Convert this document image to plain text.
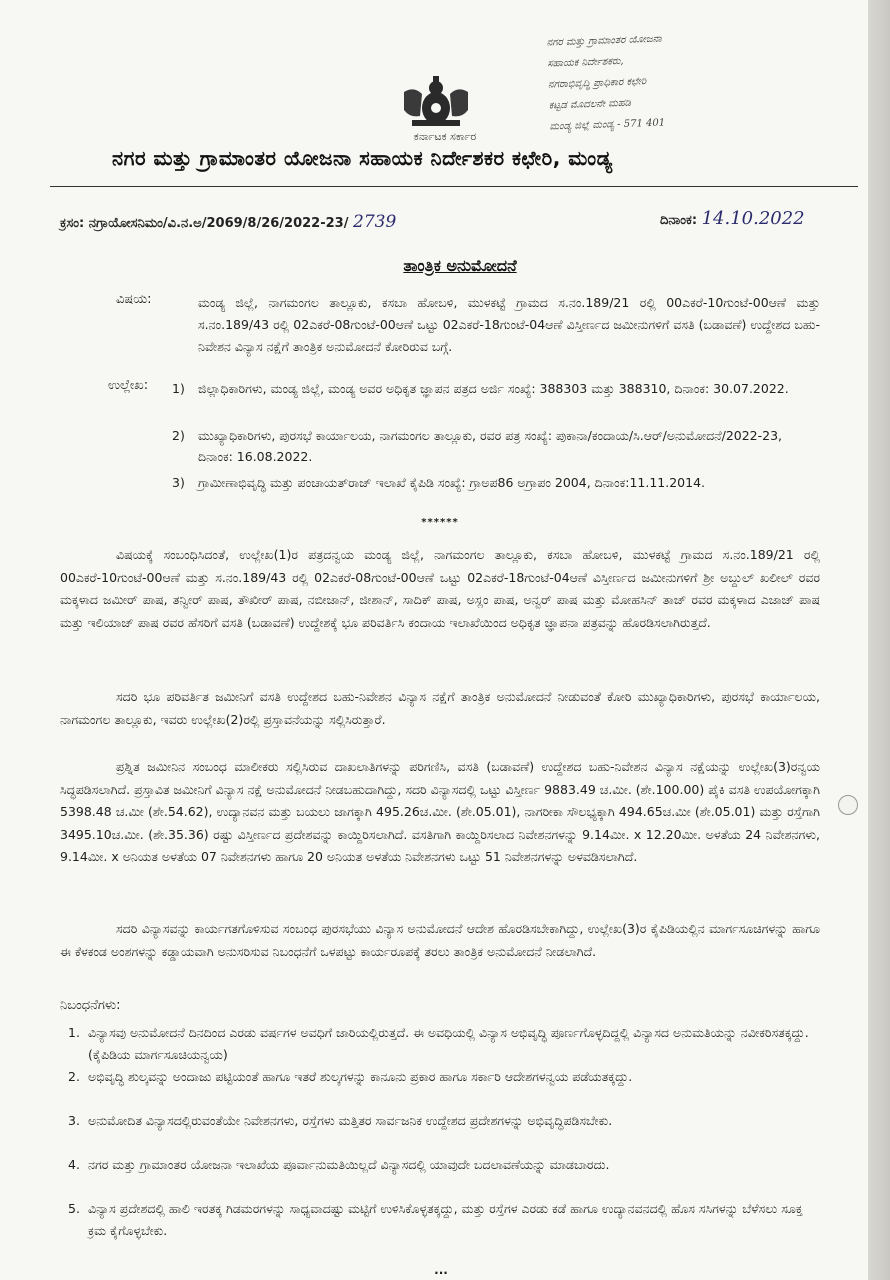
ಕರ್ನಾಟಕ ಸರ್ಕಾರ
ನಗರ ಮತ್ತು ಗ್ರಾಮಾಂತರ ಯೋಜನಾ
ಸಹಾಯಕ ನಿರ್ದೇಶಕರು,
ನಗರಾಭಿವೃದ್ಧಿ ಪ್ರಾಧಿಕಾರ ಕಛೇರಿ
ಕಟ್ಟಡ ಮೊದಲನೇ ಮಹಡಿ
ಮಂಡ್ಯ ಜಿಲ್ಲೆ ಮಂಡ್ಯ - 571 401
ನಗರ ಮತ್ತು ಗ್ರಾಮಾಂತರ ಯೋಜನಾ ಸಹಾಯಕ ನಿರ್ದೇಶಕರ ಕಛೇರಿ, ಮಂಡ್ಯ
ಕ್ರಸಂ: ನಗ್ರಾಯೋಸನಿಮಂ/ವಿ.ನ.ಅ/2069/8/26/2022-23/ 2739	ದಿನಾಂಕ: 14.10.2022
ತಾಂತ್ರಿಕ ಅನುಮೋದನೆ
ವಿಷಯ:	ಮಂಡ್ಯ ಜಿಲ್ಲೆ, ನಾಗಮಂಗಲ ತಾಲ್ಲೂಕು, ಕಸಬಾ ಹೋಬಳಿ, ಮುಳಕಟ್ಟೆ ಗ್ರಾಮದ ಸ.ನಂ.189/21 ರಲ್ಲಿ 00ಎಕರೆ-10ಗುಂಟೆ-00ಆಣೆ ಮತ್ತು ಸ.ನಂ.189/43 ರಲ್ಲಿ 02ಎಕರೆ-08ಗುಂಟೆ-00ಆಣೆ ಒಟ್ಟು 02ಎಕರೆ-18ಗುಂಟೆ-04ಆಣೆ ವಿಸ್ತೀರ್ಣದ ಜಮೀನುಗಳಿಗೆ ವಸತಿ (ಬಡಾವಣೆ) ಉದ್ದೇಶದ ಬಹು-ನಿವೇಶನ ವಿನ್ಯಾಸ ನಕ್ಷೆಗೆ ತಾಂತ್ರಿಕ ಅನುಮೋದನೆ ಕೋರಿರುವ ಬಗ್ಗೆ.
ಉಲ್ಲೇಖ:	1)	ಜಿಲ್ಲಾಧಿಕಾರಿಗಳು, ಮಂಡ್ಯ ಜಿಲ್ಲೆ, ಮಂಡ್ಯ ಅವರ ಅಧಿಕೃತ ಜ್ಞಾಪನ ಪತ್ರದ ಅರ್ಜಿ ಸಂಖ್ಯೆ: 388303 ಮತ್ತು 388310, ದಿನಾಂಕ: 30.07.2022.
2)	ಮುಖ್ಯಾಧಿಕಾರಿಗಳು, ಪುರಸಭೆ ಕಾರ್ಯಾಲಯ, ನಾಗಮಂಗಲ ತಾಲ್ಲೂಕು, ರವರ ಪತ್ರ ಸಂಖ್ಯೆ: ಪುಕಾನಾ/ಕಂದಾಯ/ಸಿ.ಆರ್/ಅನುಮೋದನೆ/2022-23, ದಿನಾಂಕ: 16.08.2022.
3)	ಗ್ರಾಮೀಣಾಭಿವೃದ್ಧಿ ಮತ್ತು ಪಂಚಾಯತ್‌ರಾಜ್ ಇಲಾಖೆ ಕೈಪಿಡಿ ಸಂಖ್ಯೆ: ಗ್ರಾಅಪ86 ಅಗ್ರಾಪಂ 2004, ದಿನಾಂಕ:11.11.2014.
******
ವಿಷಯಕ್ಕೆ ಸಂಬಂಧಿಸಿದಂತೆ, ಉಲ್ಲೇಖ(1)ರ ಪತ್ರದನ್ವಯ ಮಂಡ್ಯ ಜಿಲ್ಲೆ, ನಾಗಮಂಗಲ ತಾಲ್ಲೂಕು, ಕಸಬಾ ಹೋಬಳಿ, ಮುಳಕಟ್ಟೆ ಗ್ರಾಮದ ಸ.ನಂ.189/21 ರಲ್ಲಿ 00ಎಕರೆ-10ಗುಂಟೆ-00ಆಣೆ ಮತ್ತು ಸ.ನಂ.189/43 ರಲ್ಲಿ 02ಎಕರೆ-08ಗುಂಟೆ-00ಆಣೆ ಒಟ್ಟು 02ಎಕರೆ-18ಗುಂಟೆ-04ಆಣೆ ವಿಸ್ತೀರ್ಣದ ಜಮೀನುಗಳಿಗೆ ಶ್ರೀ ಅಬ್ದುಲ್ ಖಲೀಲ್ ರವರ ಮಕ್ಕಳಾದ ಜಮೀರ್ ಪಾಷ, ತನ್ವೀರ್ ಪಾಷ, ತೌಖೀರ್ ಪಾಷ, ನಬೀಜಾನ್, ಜೀಶಾನ್, ಸಾದಿಕ್ ಪಾಷ, ಅಸ್ಲಂ ಪಾಷ, ಅನ್ವರ್ ಪಾಷ ಮತ್ತು ಮೋಹಸಿನ್ ತಾಜ್ ರವರ ಮಕ್ಕಳಾದ ಎಜಾಜ್ ಪಾಷ ಮತ್ತು ಇಲಿಯಾಜ್ ಪಾಷ ರವರ ಹೆಸರಿಗೆ ವಸತಿ (ಬಡಾವಣೆ) ಉದ್ದೇಶಕ್ಕೆ ಭೂ ಪರಿವರ್ತಿಸಿ ಕಂದಾಯ ಇಲಾಖೆಯಿಂದ ಅಧಿಕೃತ ಜ್ಞಾಪನಾ ಪತ್ರವನ್ನು ಹೊರಡಿಸಲಾಗಿರುತ್ತದೆ.
ಸದರಿ ಭೂ ಪರಿವರ್ತಿತ ಜಮೀನಿಗೆ ವಸತಿ ಉದ್ದೇಶದ ಬಹು-ನಿವೇಶನ ವಿನ್ಯಾಸ ನಕ್ಷೆಗೆ ತಾಂತ್ರಿಕ ಅನುಮೋದನೆ ನೀಡುವಂತೆ ಕೋರಿ ಮುಖ್ಯಾಧಿಕಾರಿಗಳು, ಪುರಸಭೆ ಕಾರ್ಯಾಲಯ, ನಾಗಮಂಗಲ ತಾಲ್ಲೂಕು, ಇವರು ಉಲ್ಲೇಖ(2)ರಲ್ಲಿ ಪ್ರಸ್ತಾವನೆಯನ್ನು ಸಲ್ಲಿಸಿರುತ್ತಾರೆ.
ಪ್ರಶ್ನಿತ ಜಮೀನಿನ ಸಂಬಂಧ ಮಾಲೀಕರು ಸಲ್ಲಿಸಿರುವ ದಾಖಲಾತಿಗಳನ್ನು ಪರಿಗಣಿಸಿ, ವಸತಿ (ಬಡಾವಣೆ) ಉದ್ದೇಶದ ಬಹು-ನಿವೇಶನ ವಿನ್ಯಾಸ ನಕ್ಷೆಯನ್ನು ಉಲ್ಲೇಖ(3)ರನ್ವಯ ಸಿದ್ಧಪಡಿಸಲಾಗಿದೆ. ಪ್ರಸ್ತಾವಿತ ಜಮೀನಿಗೆ ವಿನ್ಯಾಸ ನಕ್ಷೆ ಅನುಮೋದನೆ ನೀಡಬಹುದಾಗಿದ್ದು, ಸದರಿ ವಿನ್ಯಾಸದಲ್ಲಿ ಒಟ್ಟು ವಿಸ್ತೀರ್ಣ 9883.49 ಚ.ಮೀ. (ಶೇ.100.00) ಪೈಕಿ ವಸತಿ ಉಪಯೋಗಕ್ಕಾಗಿ 5398.48 ಚ.ಮೀ (ಶೇ.54.62), ಉದ್ಯಾನವನ ಮತ್ತು ಬಯಲು ಜಾಗಕ್ಕಾಗಿ 495.26ಚ.ಮೀ. (ಶೇ.05.01), ನಾಗರೀಕಾ ಸೌಲಭ್ಯಕ್ಕಾಗಿ 494.65ಚ.ಮೀ (ಶೇ.05.01) ಮತ್ತು ರಸ್ತೆಗಾಗಿ 3495.10ಚ.ಮೀ. (ಶೇ.35.36) ರಷ್ಟು ವಿಸ್ತೀರ್ಣದ ಪ್ರದೇಶವನ್ನು ಕಾಯ್ದಿರಿಸಲಾಗಿದೆ. ವಸತಿಗಾಗಿ ಕಾಯ್ದಿರಿಸಲಾದ ನಿವೇಶನಗಳನ್ನು 9.14ಮೀ. x 12.20ಮೀ. ಅಳತೆಯ 24 ನಿವೇಶನಗಳು, 9.14ಮೀ. x ಅನಿಯತ ಅಳತೆಯ 07 ನಿವೇಶನಗಳು ಹಾಗೂ 20 ಅನಿಯತ ಅಳತೆಯ ನಿವೇಶನಗಳು ಒಟ್ಟು 51 ನಿವೇಶನಗಳನ್ನು ಅಳವಡಿಸಲಾಗಿದೆ.
ಸದರಿ ವಿನ್ಯಾಸವನ್ನು ಕಾರ್ಯಗತಗೊಳಿಸುವ ಸಂಬಂಧ ಪುರಸಭೆಯು ವಿನ್ಯಾಸ ಅನುಮೋದನೆ ಆದೇಶ ಹೊರಡಿಸಬೇಕಾಗಿದ್ದು, ಉಲ್ಲೇಖ(3)ರ ಕೈಪಿಡಿಯಲ್ಲಿನ ಮಾರ್ಗಸೂಚಿಗಳನ್ನು ಹಾಗೂ ಈ ಕೆಳಕಂಡ ಅಂಶಗಳನ್ನು ಕಡ್ಡಾಯವಾಗಿ ಅನುಸರಿಸುವ ನಿಬಂಧನೆಗೆ ಒಳಪಟ್ಟು ಕಾರ್ಯರೂಪಕ್ಕೆ ತರಲು ತಾಂತ್ರಿಕ ಅನುಮೋದನೆ ನೀಡಲಾಗಿದೆ.
ನಿಬಂಧನೆಗಳು:
1. ವಿನ್ಯಾಸವು ಅನುಮೋದನೆ ದಿನದಿಂದ ಎರಡು ವರ್ಷಗಳ ಅವಧಿಗೆ ಜಾರಿಯಲ್ಲಿರುತ್ತದೆ. ಈ ಅವಧಿಯಲ್ಲಿ ವಿನ್ಯಾಸ ಅಭಿವೃದ್ಧಿ ಪೂರ್ಣಗೊಳ್ಳದಿದ್ದಲ್ಲಿ ವಿನ್ಯಾಸದ ಅನುಮತಿಯನ್ನು ನವೀಕರಿಸತಕ್ಕದ್ದು. (ಕೈಪಿಡಿಯ ಮಾರ್ಗಸೂಚಿಯನ್ವಯ)
2. ಅಭಿವೃದ್ಧಿ ಶುಲ್ಕವನ್ನು ಅಂದಾಜು ಪಟ್ಟಿಯಂತೆ ಹಾಗೂ ಇತರೆ ಶುಲ್ಕಗಳನ್ನು ಕಾನೂನು ಪ್ರಕಾರ ಹಾಗೂ ಸರ್ಕಾರಿ ಆದೇಶಗಳನ್ವಯ ಪಡೆಯತಕ್ಕದ್ದು.
3. ಅನುಮೋದಿತ ವಿನ್ಯಾಸದಲ್ಲಿರುವಂತೆಯೇ ನಿವೇಶನಗಳು, ರಸ್ತೆಗಳು ಮತ್ತಿತರ ಸಾರ್ವಜನಿಕ ಉದ್ದೇಶದ ಪ್ರದೇಶಗಳನ್ನು ಅಭಿವೃದ್ಧಿಪಡಿಸಬೇಕು.
4. ನಗರ ಮತ್ತು ಗ್ರಾಮಾಂತರ ಯೋಜನಾ ಇಲಾಖೆಯ ಪೂರ್ವಾನುಮತಿಯಿಲ್ಲದೆ ವಿನ್ಯಾಸದಲ್ಲಿ ಯಾವುದೇ ಬದಲಾವಣೆಯನ್ನು ಮಾಡಬಾರದು.
5. ವಿನ್ಯಾಸ ಪ್ರದೇಶದಲ್ಲಿ ಹಾಲಿ ಇರತಕ್ಕ ಗಿಡಮರಗಳನ್ನು ಸಾಧ್ಯವಾದಷ್ಟು ಮಟ್ಟಿಗೆ ಉಳಿಸಿಕೊಳ್ಳತಕ್ಕದ್ದು, ಮತ್ತು ರಸ್ತೆಗಳ ಎರಡು ಕಡೆ ಹಾಗೂ ಉದ್ಯಾನವನದಲ್ಲಿ ಹೊಸ ಸಸಿಗಳನ್ನು ಬೆಳೆಸಲು ಸೂಕ್ತ ಕ್ರಮ ಕೈಗೊಳ್ಳಬೇಕು.
...
